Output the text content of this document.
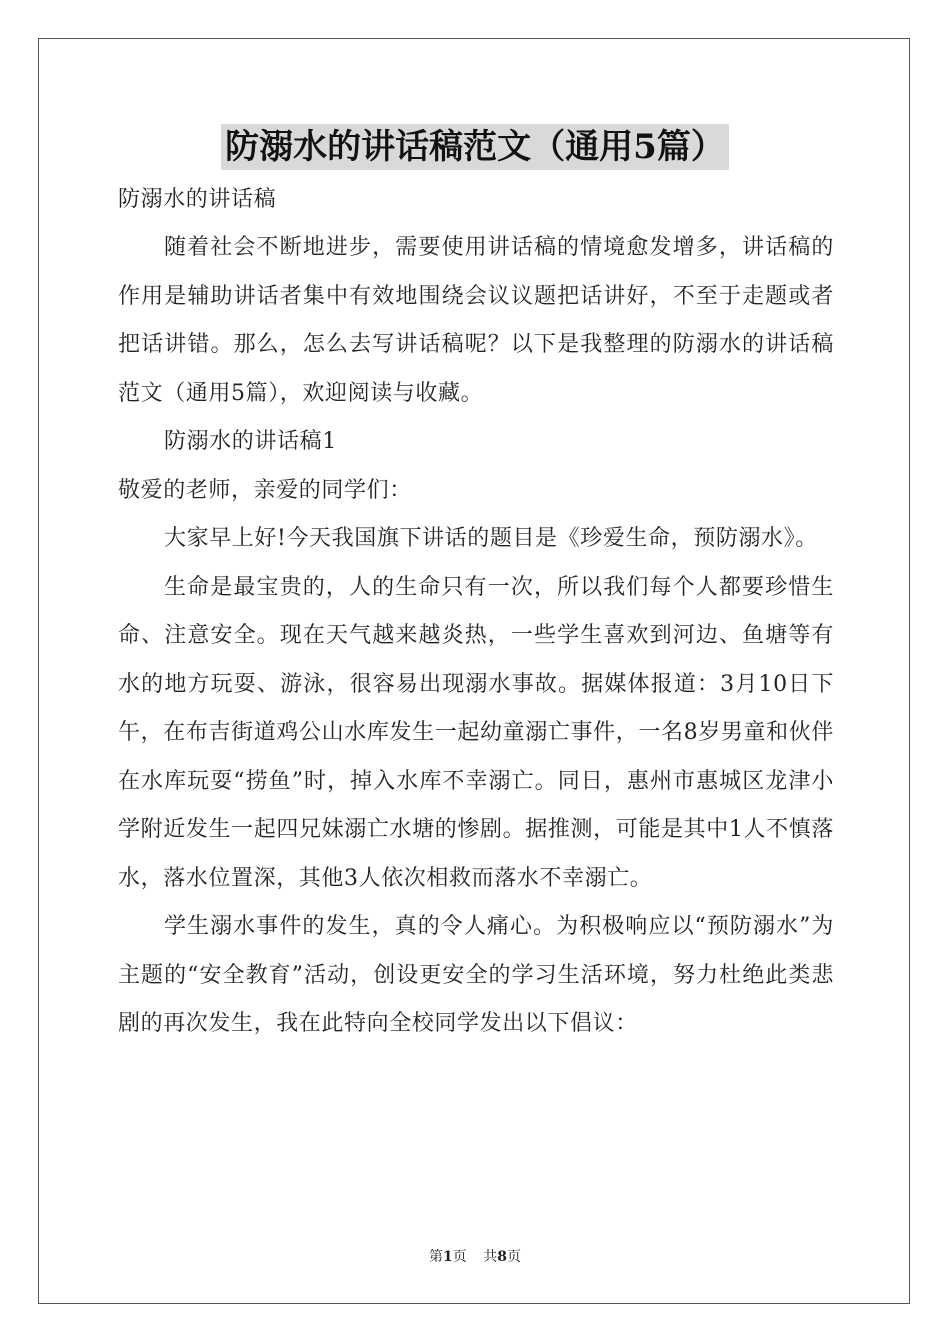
防溺水的讲话稿范文（通用5篇）

防溺水的讲话稿

随着社会不断地进步，需要使用讲话稿的情境愈发增多，讲话稿的作用是辅助讲话者集中有效地围绕会议议题把话讲好，不至于走题或者把话讲错。那么，怎么去写讲话稿呢？以下是我整理的防溺水的讲话稿范文（通用5篇），欢迎阅读与收藏。

防溺水的讲话稿1

敬爱的老师，亲爱的同学们：

大家早上好!今天我国旗下讲话的题目是《珍爱生命，预防溺水》。

生命是最宝贵的，人的生命只有一次，所以我们每个人都要珍惜生命、注意安全。现在天气越来越炎热，一些学生喜欢到河边、鱼塘等有水的地方玩耍、游泳，很容易出现溺水事故。据媒体报道：3月10日下午，在布吉街道鸡公山水库发生一起幼童溺亡事件，一名8岁男童和伙伴在水库玩耍“捞鱼”时，掉入水库不幸溺亡。同日，惠州市惠城区龙津小学附近发生一起四兄妹溺亡水塘的惨剧。据推测，可能是其中1人不慎落水，落水位置深，其他3人依次相救而落水不幸溺亡。

学生溺水事件的发生，真的令人痛心。为积极响应以“预防溺水”为主题的“安全教育”活动，创设更安全的学习生活环境，努力杜绝此类悲剧的再次发生，我在此特向全校同学发出以下倡议：

第1页 共8页
